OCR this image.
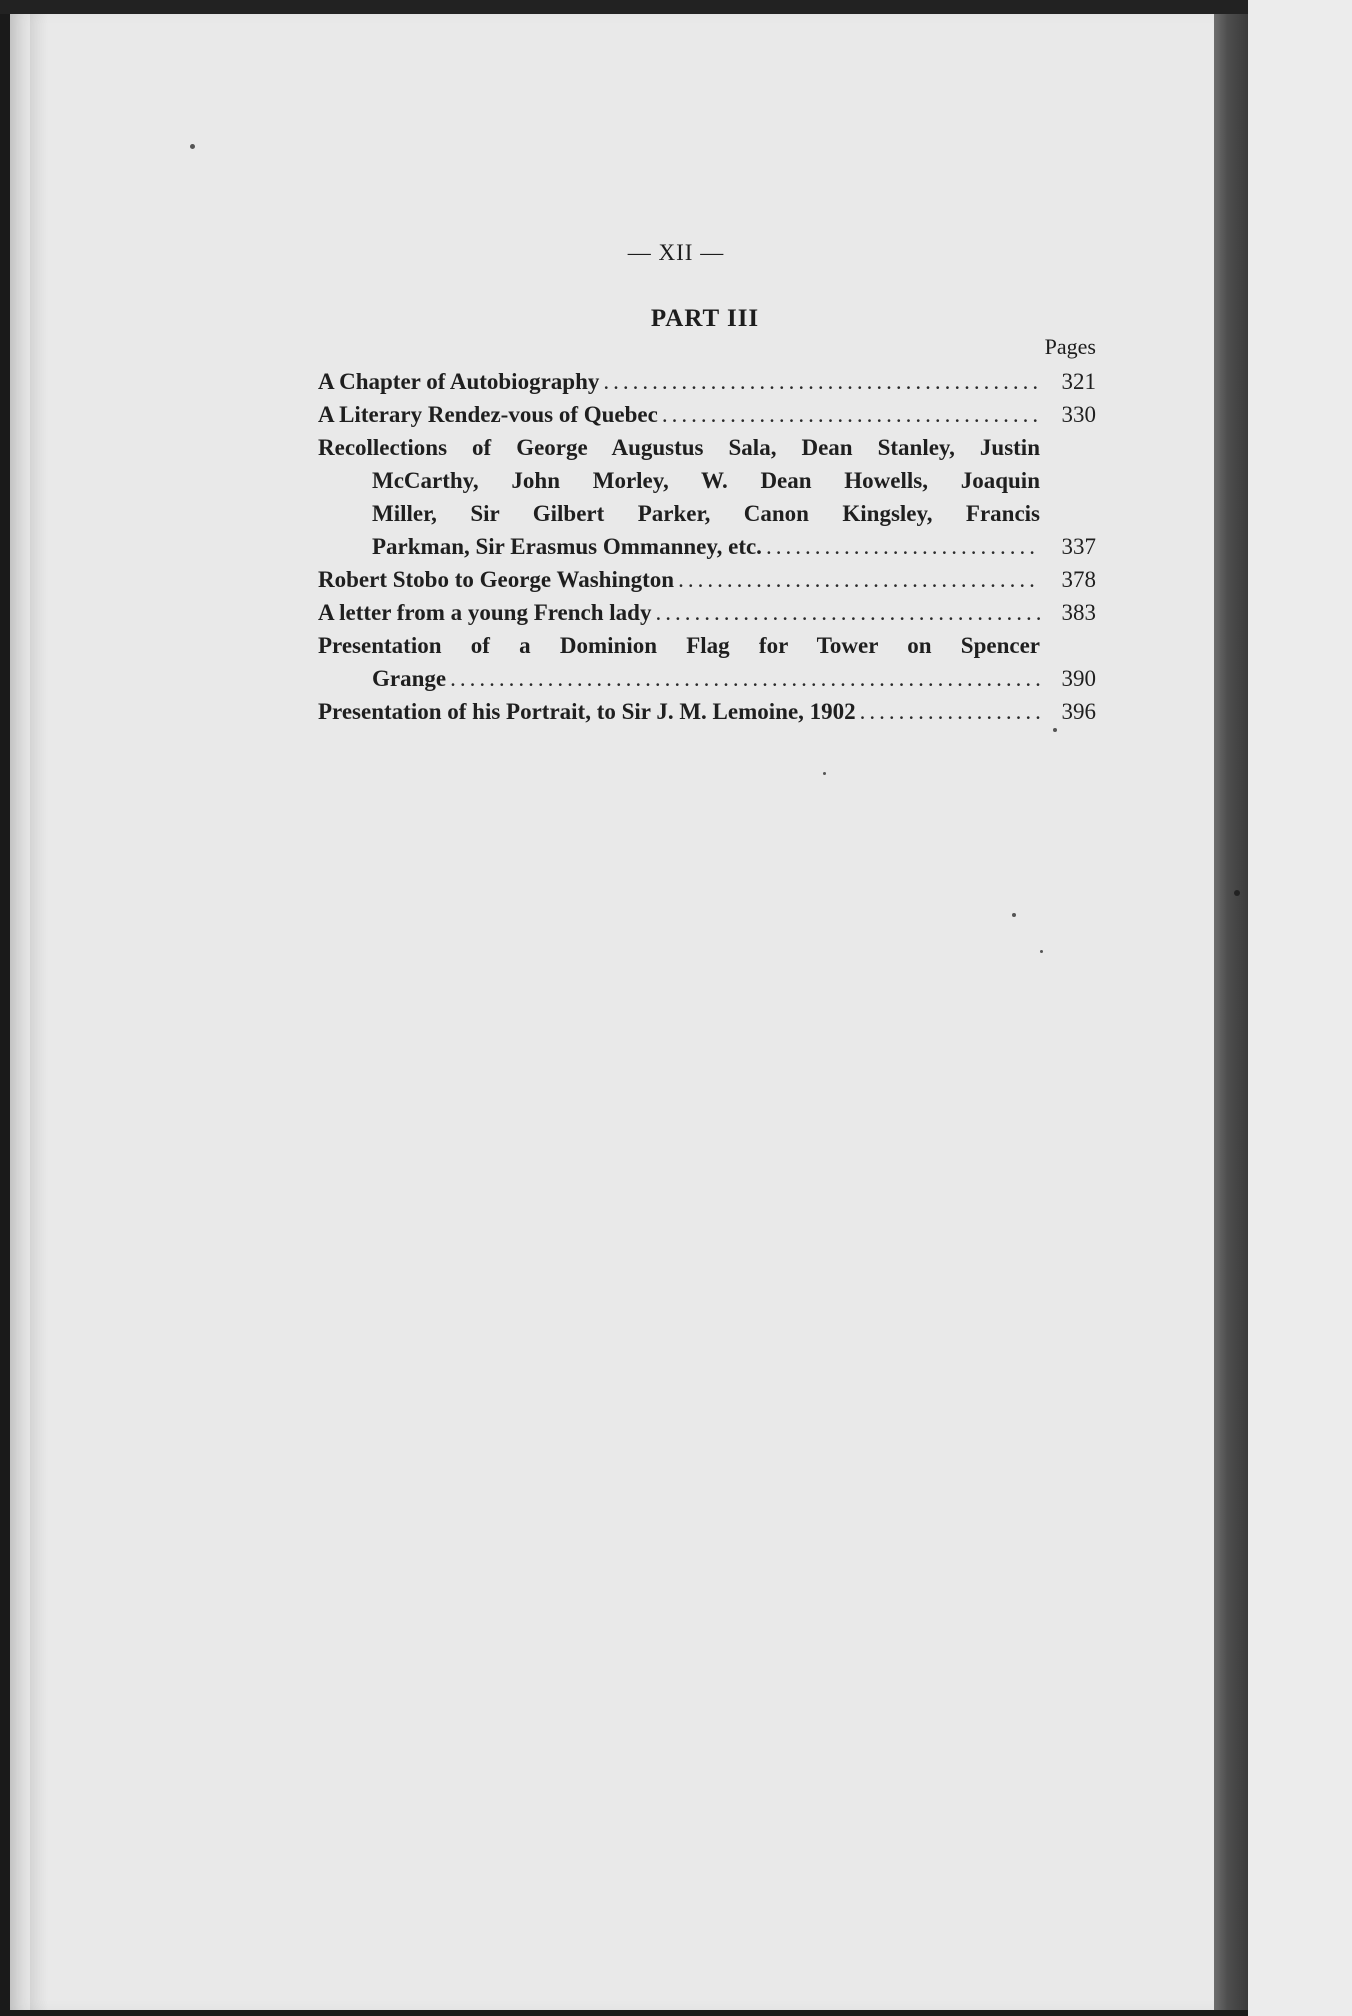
— XII —
PART III
Pages
A Chapter of Autobiography .....	321
A Literary Rendez-vous of Quebec .....	330
Recollections of George Augustus Sala, Dean Stanley, Justin
McCarthy, John Morley, W. Dean Howells, Joaquin
Miller, Sir Gilbert Parker, Canon Kingsley, Francis
Parkman, Sir Erasmus Ommanney, etc. .....	337
Robert Stobo to George Washington .....	378
A letter from a young French lady .....	383
Presentation of a Dominion Flag for Tower on Spencer
Grange .....	390
Presentation of his Portrait, to Sir J. M. Lemoine, 1902 .....	396
